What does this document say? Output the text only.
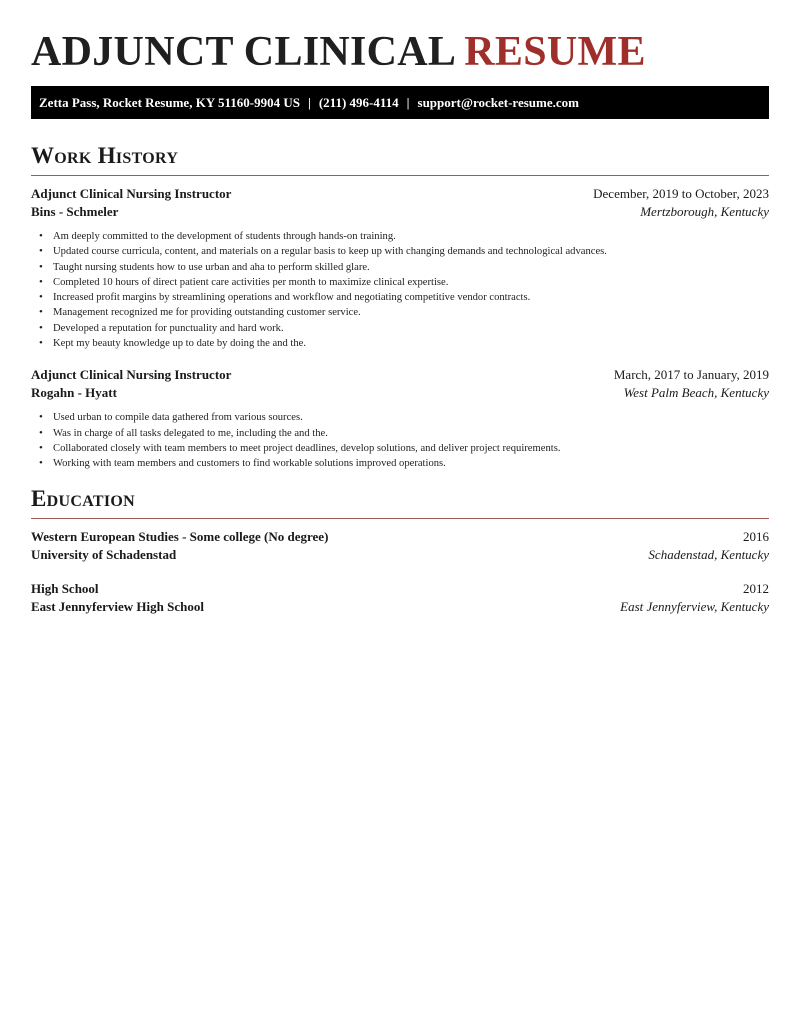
ADJUNCT CLINICAL RESUME
Zetta Pass, Rocket Resume, KY 51160-9904 US | (211) 496-4114 | support@rocket-resume.com
Work History
Adjunct Clinical Nursing Instructor	December, 2019 to October, 2023
Bins - Schmeler	Mertzborough, Kentucky
• Am deeply committed to the development of students through hands-on training.
• Updated course curricula, content, and materials on a regular basis to keep up with changing demands and technological advances.
• Taught nursing students how to use urban and aha to perform skilled glare.
• Completed 10 hours of direct patient care activities per month to maximize clinical expertise.
• Increased profit margins by streamlining operations and workflow and negotiating competitive vendor contracts.
• Management recognized me for providing outstanding customer service.
• Developed a reputation for punctuality and hard work.
• Kept my beauty knowledge up to date by doing the and the.
Adjunct Clinical Nursing Instructor	March, 2017 to January, 2019
Rogahn - Hyatt	West Palm Beach, Kentucky
• Used urban to compile data gathered from various sources.
• Was in charge of all tasks delegated to me, including the and the.
• Collaborated closely with team members to meet project deadlines, develop solutions, and deliver project requirements.
• Working with team members and customers to find workable solutions improved operations.
Education
Western European Studies - Some college (No degree)	2016
University of Schadenstad	Schadenstad, Kentucky
High School	2012
East Jennyferview High School	East Jennyferview, Kentucky
